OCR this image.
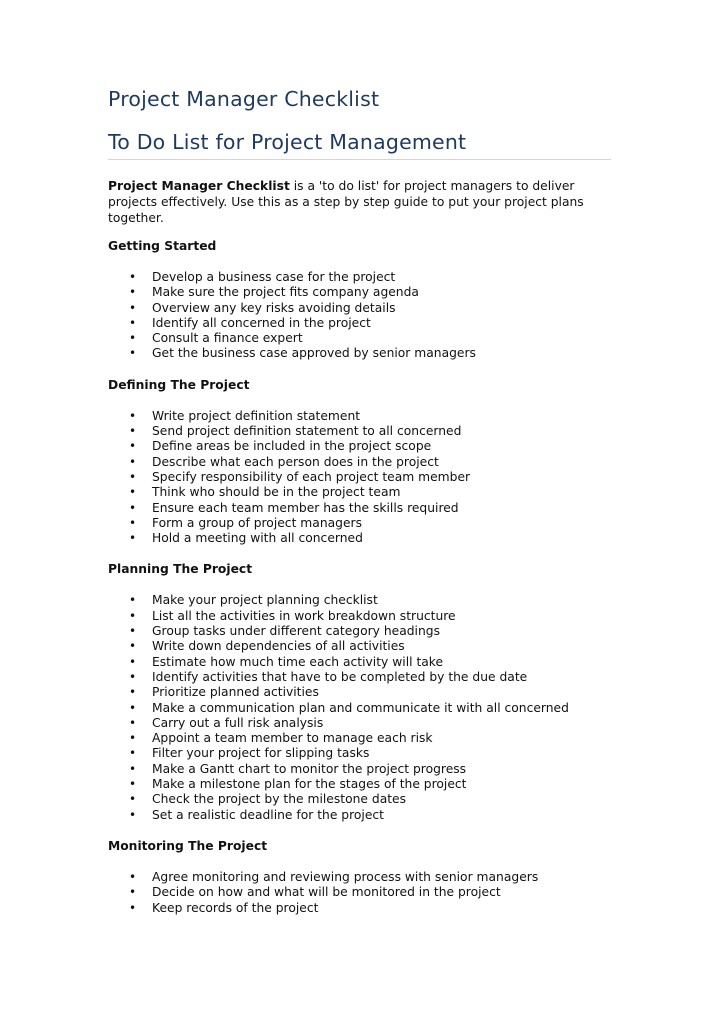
Project Manager Checklist
To Do List for Project Management

Project Manager Checklist is a 'to do list' for project managers to deliver projects effectively. Use this as a step by step guide to put your project plans together.

Getting Started
• Develop a business case for the project
• Make sure the project fits company agenda
• Overview any key risks avoiding details
• Identify all concerned in the project
• Consult a finance expert
• Get the business case approved by senior managers
Defining The Project
• Write project definition statement
• Send project definition statement to all concerned
• Define areas be included in the project scope
• Describe what each person does in the project
• Specify responsibility of each project team member
• Think who should be in the project team
• Ensure each team member has the skills required
• Form a group of project managers
• Hold a meeting with all concerned
Planning The Project
• Make your project planning checklist
• List all the activities in work breakdown structure
• Group tasks under different category headings
• Write down dependencies of all activities
• Estimate how much time each activity will take
• Identify activities that have to be completed by the due date
• Prioritize planned activities
• Make a communication plan and communicate it with all concerned
• Carry out a full risk analysis
• Appoint a team member to manage each risk
• Filter your project for slipping tasks
• Make a Gantt chart to monitor the project progress
• Make a milestone plan for the stages of the project
• Check the project by the milestone dates
• Set a realistic deadline for the project
Monitoring The Project
• Agree monitoring and reviewing process with senior managers
• Decide on how and what will be monitored in the project
• Keep records of the project
